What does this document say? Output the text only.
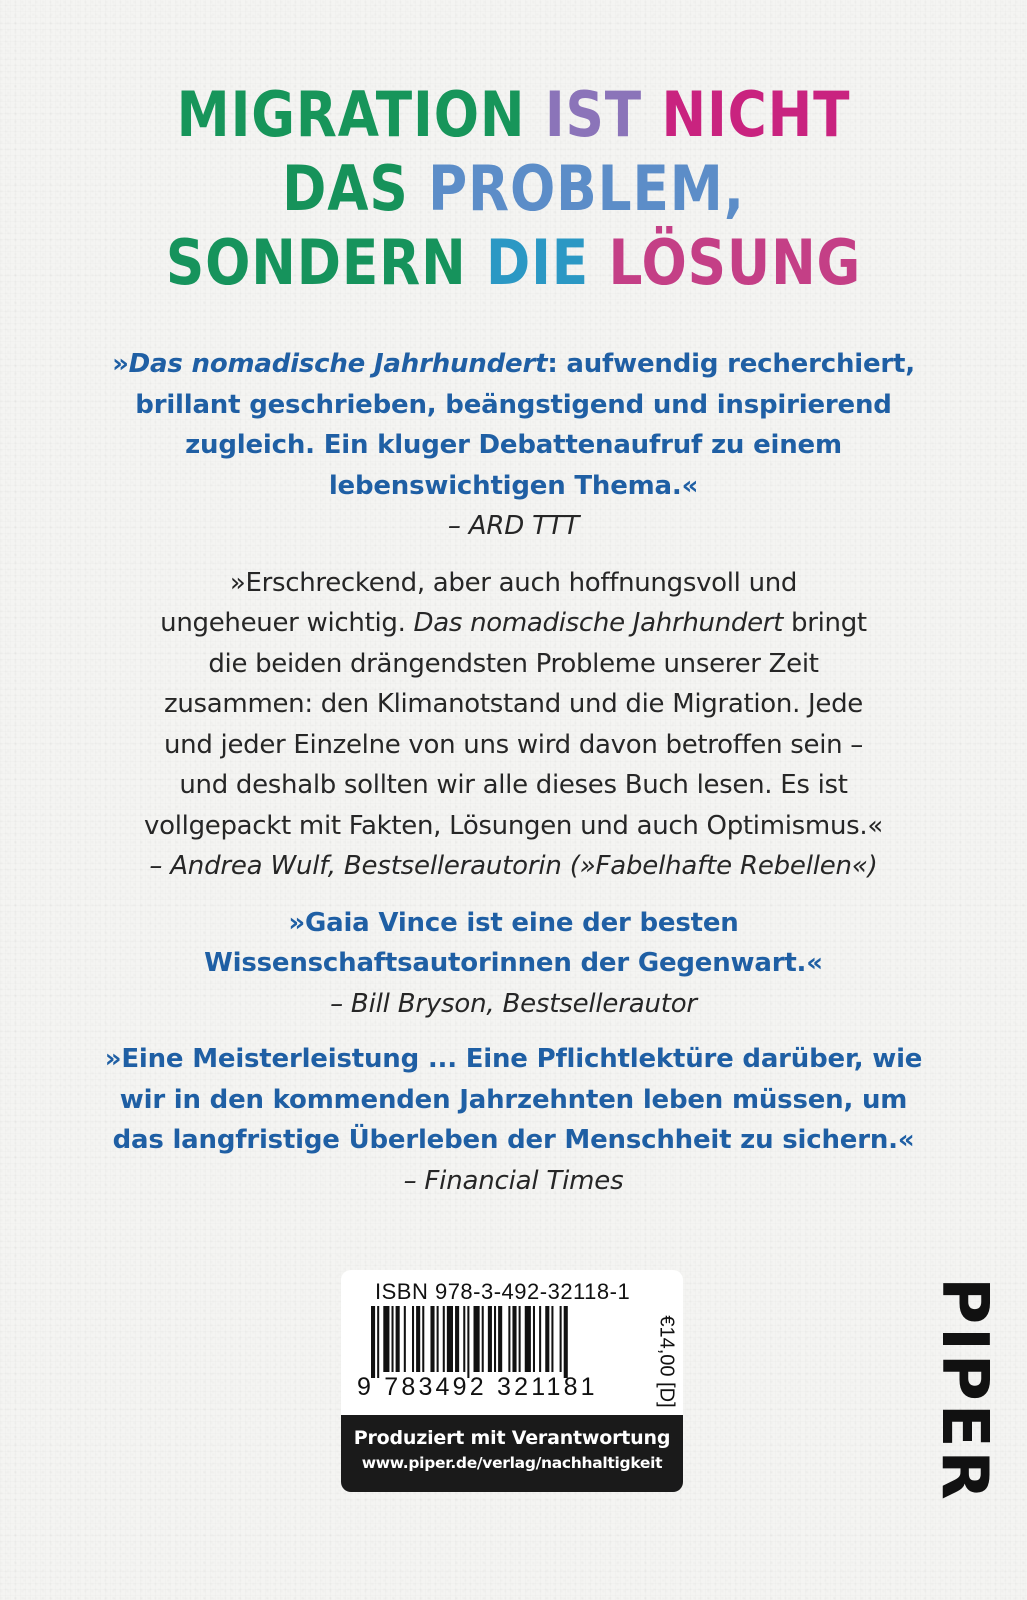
MIGRATION IST NICHT
DAS PROBLEM,
SONDERN DIE LÖSUNG
»Das nomadische Jahrhundert: aufwendig recherchiert,
brillant geschrieben, beängstigend und inspirierend
zugleich. Ein kluger Debattenaufruf zu einem
lebenswichtigen Thema.«
– ARD TTT
»Erschreckend, aber auch hoffnungsvoll und
ungeheuer wichtig. Das nomadische Jahrhundert bringt
die beiden drängendsten Probleme unserer Zeit
zusammen: den Klimanotstand und die Migration. Jede
und jeder Einzelne von uns wird davon betroffen sein –
und deshalb sollten wir alle dieses Buch lesen. Es ist
vollgepackt mit Fakten, Lösungen und auch Optimismus.«
– Andrea Wulf, Bestsellerautorin (»Fabelhafte Rebellen«)
»Gaia Vince ist eine der besten
Wissenschaftsautorinnen der Gegenwart.«
– Bill Bryson, Bestsellerautor
»Eine Meisterleistung ... Eine Pflichtlektüre darüber, wie
wir in den kommenden Jahrzehnten leben müssen, um
das langfristige Überleben der Menschheit zu sichern.«
– Financial Times
ISBN 978-3-492-32118-1
9 783492 321181	€14,00 [D]
Produziert mit Verantwortung
www.piper.de/verlag/nachhaltigkeit	PIPER
